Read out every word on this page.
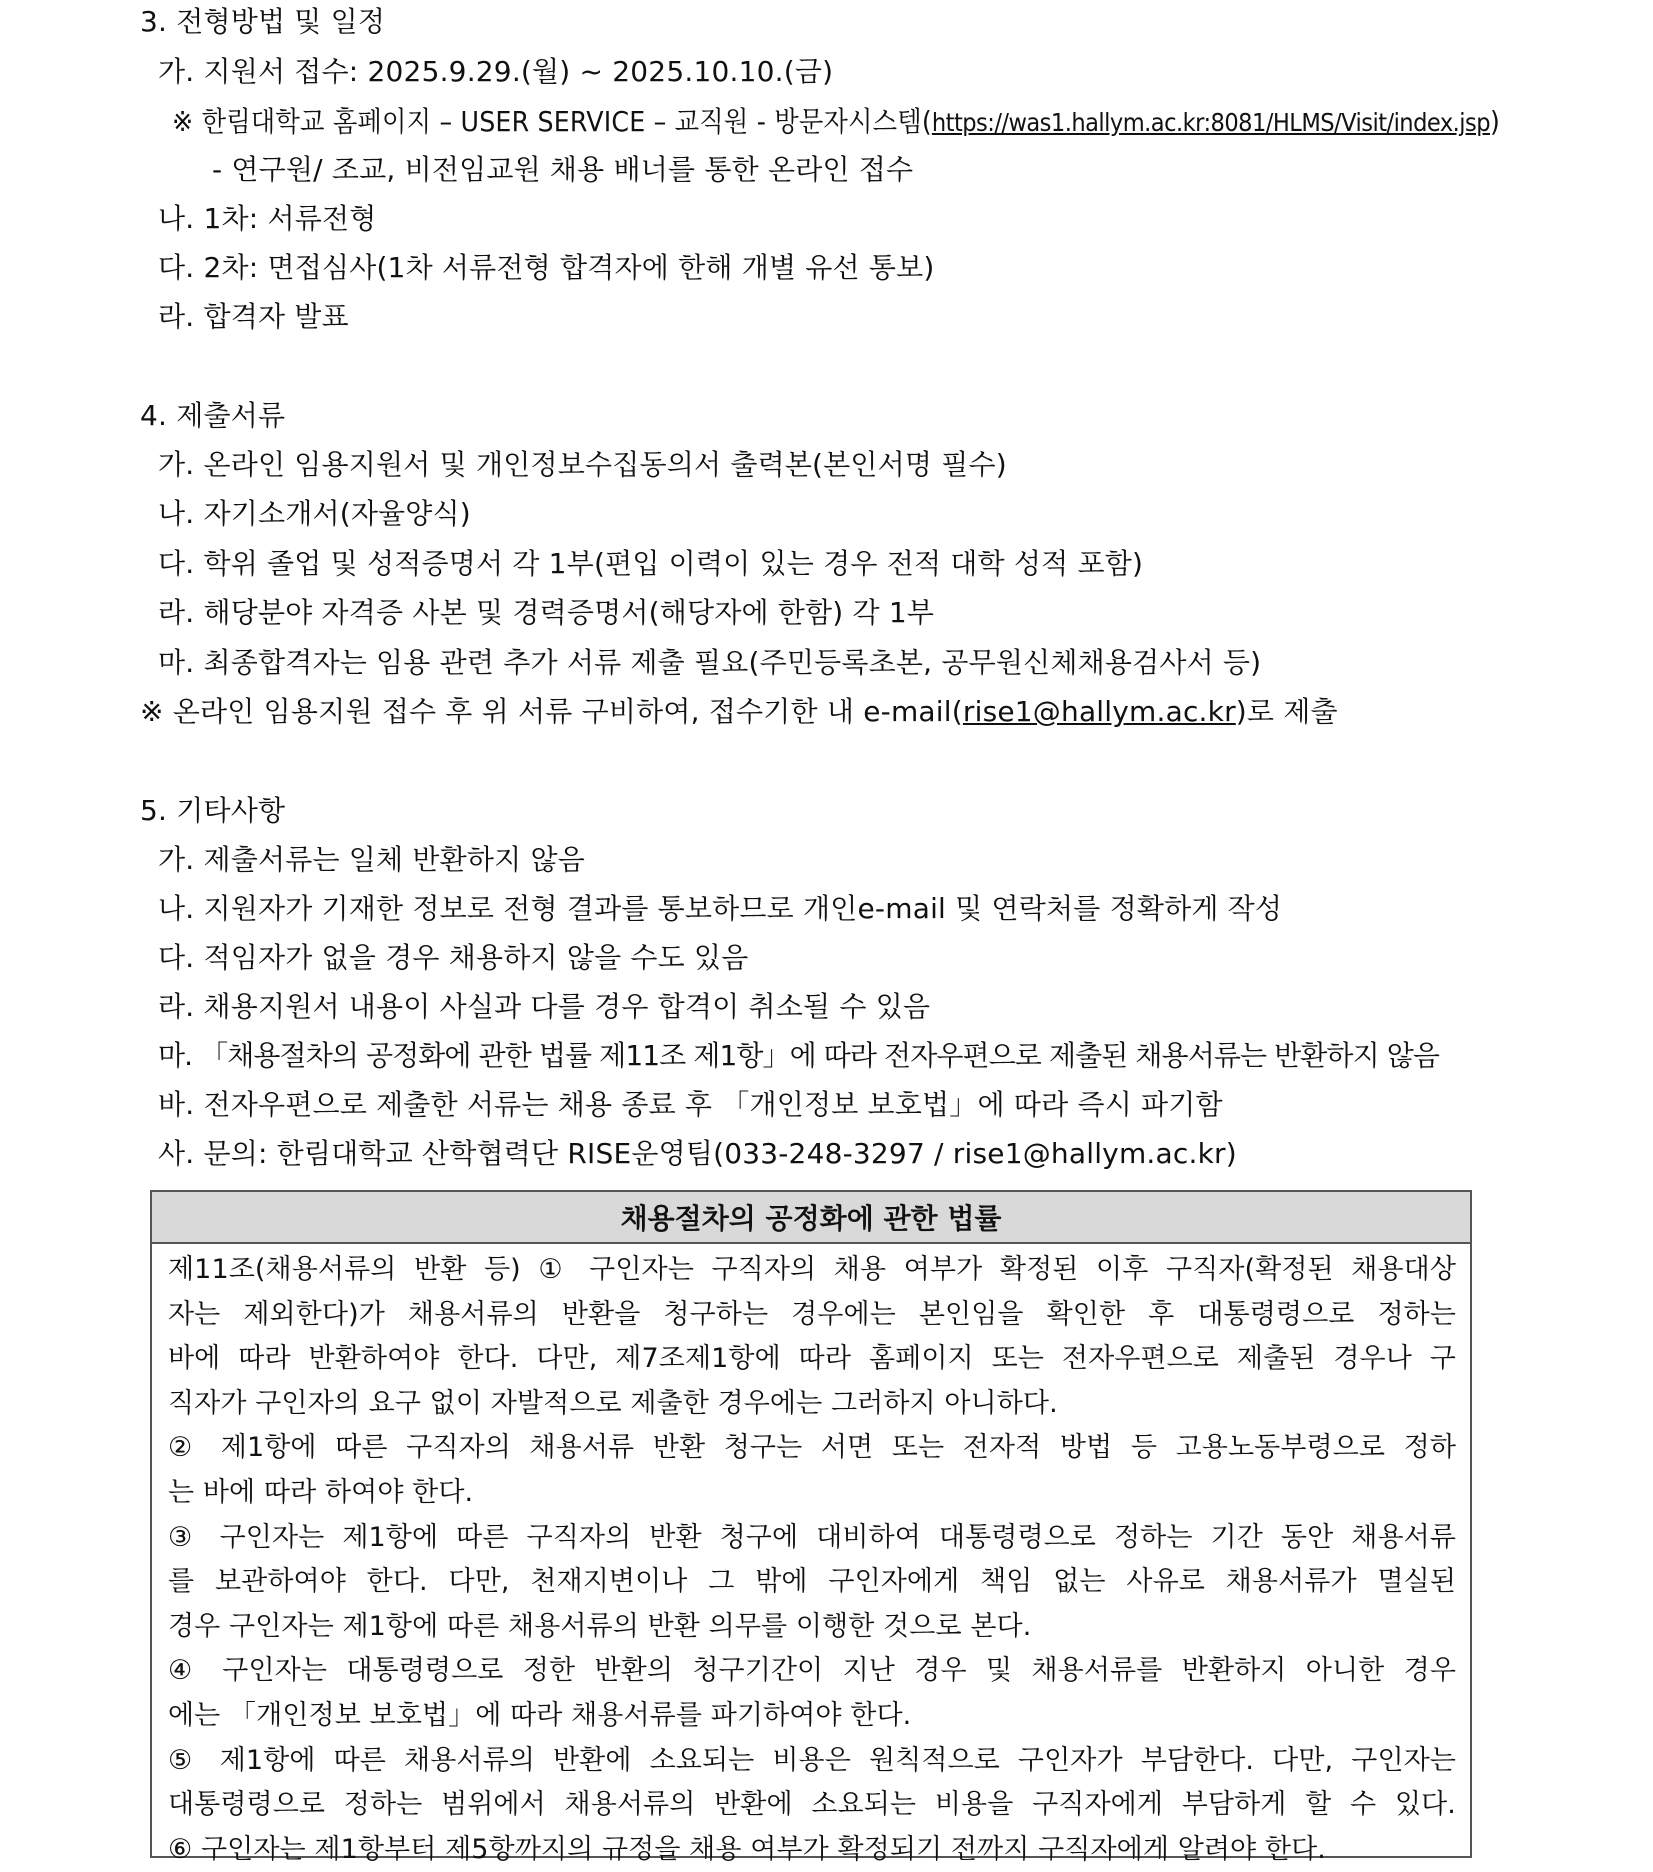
3. 전형방법 및 일정
가. 지원서 접수: 2025.9.29.(월) ~ 2025.10.10.(금)
※ 한림대학교 홈페이지 – USER SERVICE – 교직원 - 방문자시스템(https://was1.hallym.ac.kr:8081/HLMS/Visit/index.jsp)
- 연구원/ 조교, 비전임교원 채용 배너를 통한 온라인 접수
나. 1차: 서류전형
다. 2차: 면접심사(1차 서류전형 합격자에 한해 개별 유선 통보)
라. 합격자 발표
4. 제출서류
가. 온라인 임용지원서 및 개인정보수집동의서 출력본(본인서명 필수)
나. 자기소개서(자율양식)
다. 학위 졸업 및 성적증명서 각 1부(편입 이력이 있는 경우 전적 대학 성적 포함)
라. 해당분야 자격증 사본 및 경력증명서(해당자에 한함) 각 1부
마. 최종합격자는 임용 관련 추가 서류 제출 필요(주민등록초본, 공무원신체채용검사서 등)
※ 온라인 임용지원 접수 후 위 서류 구비하여, 접수기한 내 e-mail(rise1@hallym.ac.kr)로 제출
5. 기타사항
가. 제출서류는 일체 반환하지 않음
나. 지원자가 기재한 정보로 전형 결과를 통보하므로 개인e-mail 및 연락처를 정확하게 작성
다. 적임자가 없을 경우 채용하지 않을 수도 있음
라. 채용지원서 내용이 사실과 다를 경우 합격이 취소될 수 있음
마. 「채용절차의 공정화에 관한 법률 제11조 제1항」에 따라 전자우편으로 제출된 채용서류는 반환하지 않음
바. 전자우편으로 제출한 서류는 채용 종료 후 「개인정보 보호법」에 따라 즉시 파기함
사. 문의: 한림대학교 산학협력단 RISE운영팀(033-248-3297 / rise1@hallym.ac.kr)
채용절차의 공정화에 관한 법률
제11조(채용서류의 반환 등) ① 구인자는 구직자의 채용 여부가 확정된 이후 구직자(확정된 채용대상
자는 제외한다)가 채용서류의 반환을 청구하는 경우에는 본인임을 확인한 후 대통령령으로 정하는
바에 따라 반환하여야 한다. 다만, 제7조제1항에 따라 홈페이지 또는 전자우편으로 제출된 경우나 구
직자가 구인자의 요구 없이 자발적으로 제출한 경우에는 그러하지 아니하다.
② 제1항에 따른 구직자의 채용서류 반환 청구는 서면 또는 전자적 방법 등 고용노동부령으로 정하
는 바에 따라 하여야 한다.
③ 구인자는 제1항에 따른 구직자의 반환 청구에 대비하여 대통령령으로 정하는 기간 동안 채용서류
를 보관하여야 한다. 다만, 천재지변이나 그 밖에 구인자에게 책임 없는 사유로 채용서류가 멸실된
경우 구인자는 제1항에 따른 채용서류의 반환 의무를 이행한 것으로 본다.
④ 구인자는 대통령령으로 정한 반환의 청구기간이 지난 경우 및 채용서류를 반환하지 아니한 경우
에는 「개인정보 보호법」에 따라 채용서류를 파기하여야 한다.
⑤ 제1항에 따른 채용서류의 반환에 소요되는 비용은 원칙적으로 구인자가 부담한다. 다만, 구인자는
대통령령으로 정하는 범위에서 채용서류의 반환에 소요되는 비용을 구직자에게 부담하게 할 수 있다.
⑥ 구인자는 제1항부터 제5항까지의 규정을 채용 여부가 확정되기 전까지 구직자에게 알려야 한다.
